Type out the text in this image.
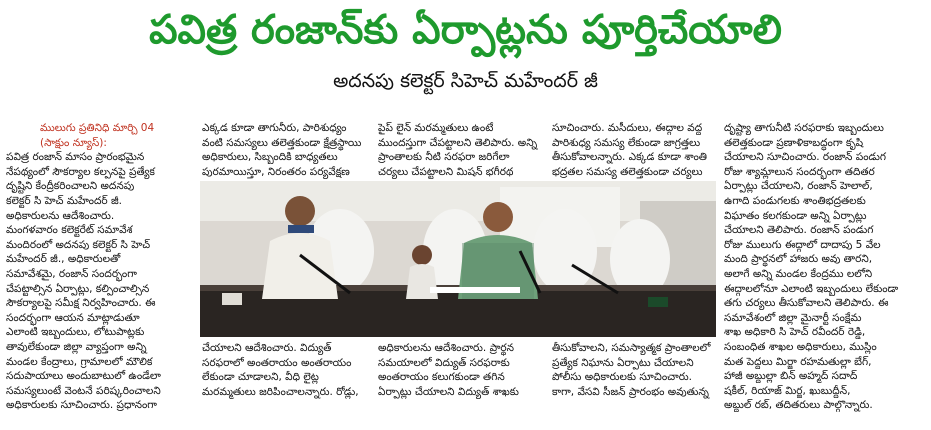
పవిత్ర రంజాన్‌కు ఏర్పాట్లను పూర్తిచేయాలి
అదనపు కలెక్టర్ సిహెచ్ మహేందర్ జీ

ములుగు ప్రతినిధి మార్చి 04

(సాక్షుం న్యూస్):

పవిత్ర రంజాన్ మాసం ప్రారంభమైన

నేపథ్యంలో సౌకర్యాల కల్పనపై ప్రత్యేక

దృష్టిని కేంద్రీకరించాలని అదనపు

కలెక్టర్ సి హెచ్ మహేందర్ జీ.

అధికారులను ఆదేశించారు.

మంగళవారం కలెక్టరేట్ సమావేశ

మందిరంలో అదనపు కలెక్టర్ సి హెచ్

మహేందర్ జీ., అధికారులతో

సమావేశమై, రంజాన్ సందర్భంగా

చేపట్టాల్సిన ఏర్పాట్లు, కల్పించాల్సిన

సౌకర్యాలపై సమీక్ష నిర్వహించారు. ఈ

సందర్భంగా ఆయన మాట్లాడుతూ

ఎలాంటి ఇబ్బందులు, లోటుపాట్లకు

తావులేకుండా జిల్లా వ్యాప్తంగా అన్ని

మండల కేంద్రాలు, గ్రామాలలో మౌలిక

సదుపాయాలు అందుబాటులో ఉండేలా

సమస్యలుంటే వెంటనే పరిష్కరించాలని

అధికారులకు సూచించారు. ప్రధానంగా

ఎక్కడ కూడా తాగునీరు, పారిశుధ్యం

వంటి సమస్యలు తలెత్తకుండా క్షేత్రస్థాయి

అధికారులు, సిబ్బందికి బాధ్యతలు

పురమాయిస్తూ, నిరంతరం పర్యవేక్షణ

పైప్ లైన్ మరమ్మతులు ఉంటే

ముందస్తుగా చేపట్టాలని తెలిపారు. అన్ని

ప్రాంతాలకు నీటి సరఫరా జరిగేలా

చర్యలు చేపట్టాలని మిషన్ భగీరథ

సూచించారు. మసీదులు, ఈద్గాల వద్ద

పారిశుధ్య సమస్య లేకుండా జాగ్రత్తలు

తీసుకోవాలన్నారు. ఎక్కడ కూడా శాంతి

భద్రతల సమస్య తలెత్తకుండా చర్యలు

చేయాలని ఆదేశించారు. విద్యుత్

సరఫరాలో అంతరాయం అంతరాయం

లేకుండా చూడాలని, వీధి లైట్ల

మరమ్మతులు జరిపించాలన్నారు. రోడ్లు,

అధికారులను ఆదేశించారు. ప్రార్థన

సమయాలలో విద్యుత్ సరఫరాకు

అంతరాయం కలుగకుండా తగిన

ఏర్పాట్లు చేయాలని విద్యుత్ శాఖకు

తీసుకోవాలని, సమస్యాత్మక ప్రాంతాలలో

ప్రత్యేక నిఘాను ఏర్పాటు చేయాలని

పోలీసు అధికారులకు సూచించారు.

కాగా, వేసవి సీజన్ ప్రారంభం అవుతున్న

దృష్ట్యా తాగునీటి సరఫరాకు ఇబ్బందులు

తలెత్తకుండా ప్రణాళికాబద్ధంగా కృషి

చేయాలని సూచించారు. రంజాన్ పండుగ

రోజు శ్యామ్లాలున సందర్భంగా తదితర

ఏర్పాట్లు చేయాలని, రంజాన్ హెలాల్,

ఉగాది పండుగలకు శాంతిభద్రతలకు

విఘాతం కలగకుండా అన్ని ఏర్పాట్లు

చేయాలని తెలిపారు. రంజాన్ పండుగ

రోజు ములుగు ఈద్గాలో దాదాపు 5 వేల

మంది ప్రార్థనలో హాజరు అవు తారని,

అలాగే అన్ని మండల కేంద్రము లలోని

ఈద్గాలలోనూ ఎలాంటి ఇబ్బందులు లేకుండా

తగు చర్యలు తీసుకోవాలని తెలిపారు. ఈ

సమావేశంలో జిల్లా మైనార్టీ సంక్షేమ

శాఖ అధికారి సి హెచ్ రవీందర్ రెడ్డి,

సంబంధిత శాఖల అధికారులు, ముస్లిం

మత పెద్దలు మిర్జా రహమతుల్లా బేగ్,

హాజీ అబ్దుల్లా బిన్ అహ్మద్ సదాద్

షకీల్, రియాజ్ మిర్జ, ఖుబుద్దీన్,

అబ్దుల్ రబ్, తదితరులు పాల్గొన్నారు.
